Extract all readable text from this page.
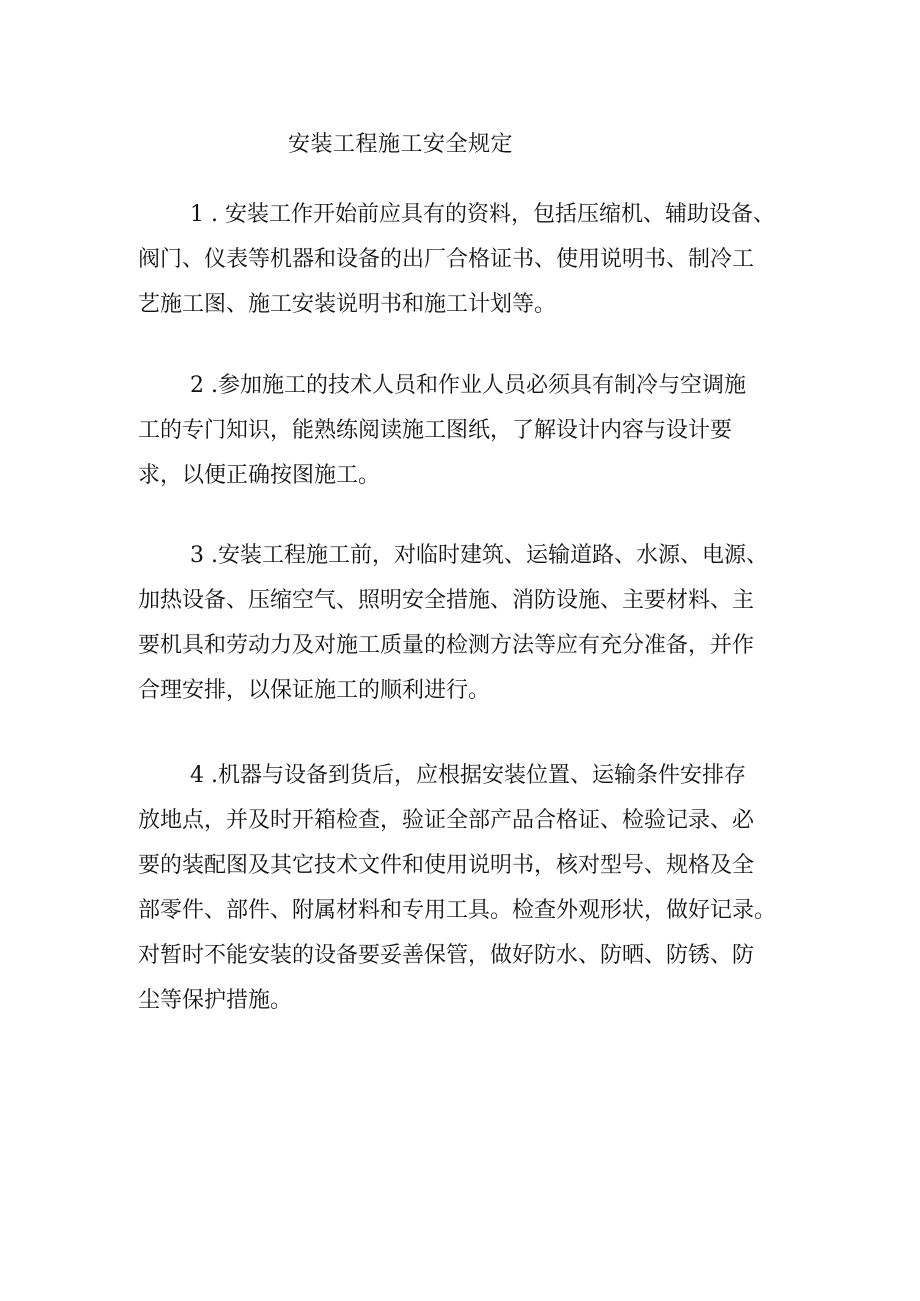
安装工程施工安全规定

1 . 安装工作开始前应具有的资料，包括压缩机、辅助设备、
阀门、仪表等机器和设备的出厂合格证书、使用说明书、制冷工
艺施工图、施工安装说明书和施工计划等。

2 .参加施工的技术人员和作业人员必须具有制冷与空调施
工的专门知识，能熟练阅读施工图纸，了解设计内容与设计要
求，以便正确按图施工。

3 .安装工程施工前，对临时建筑、运输道路、水源、电源、
加热设备、压缩空气、照明安全措施、消防设施、主要材料、主
要机具和劳动力及对施工质量的检测方法等应有充分准备，并作
合理安排，以保证施工的顺利进行。

4 .机器与设备到货后，应根据安装位置、运输条件安排存
放地点，并及时开箱检查，验证全部产品合格证、检验记录、必
要的装配图及其它技术文件和使用说明书，核对型号、规格及全
部零件、部件、附属材料和专用工具。检查外观形状，做好记录。
对暂时不能安装的设备要妥善保管，做好防水、防晒、防锈、防
尘等保护措施。
